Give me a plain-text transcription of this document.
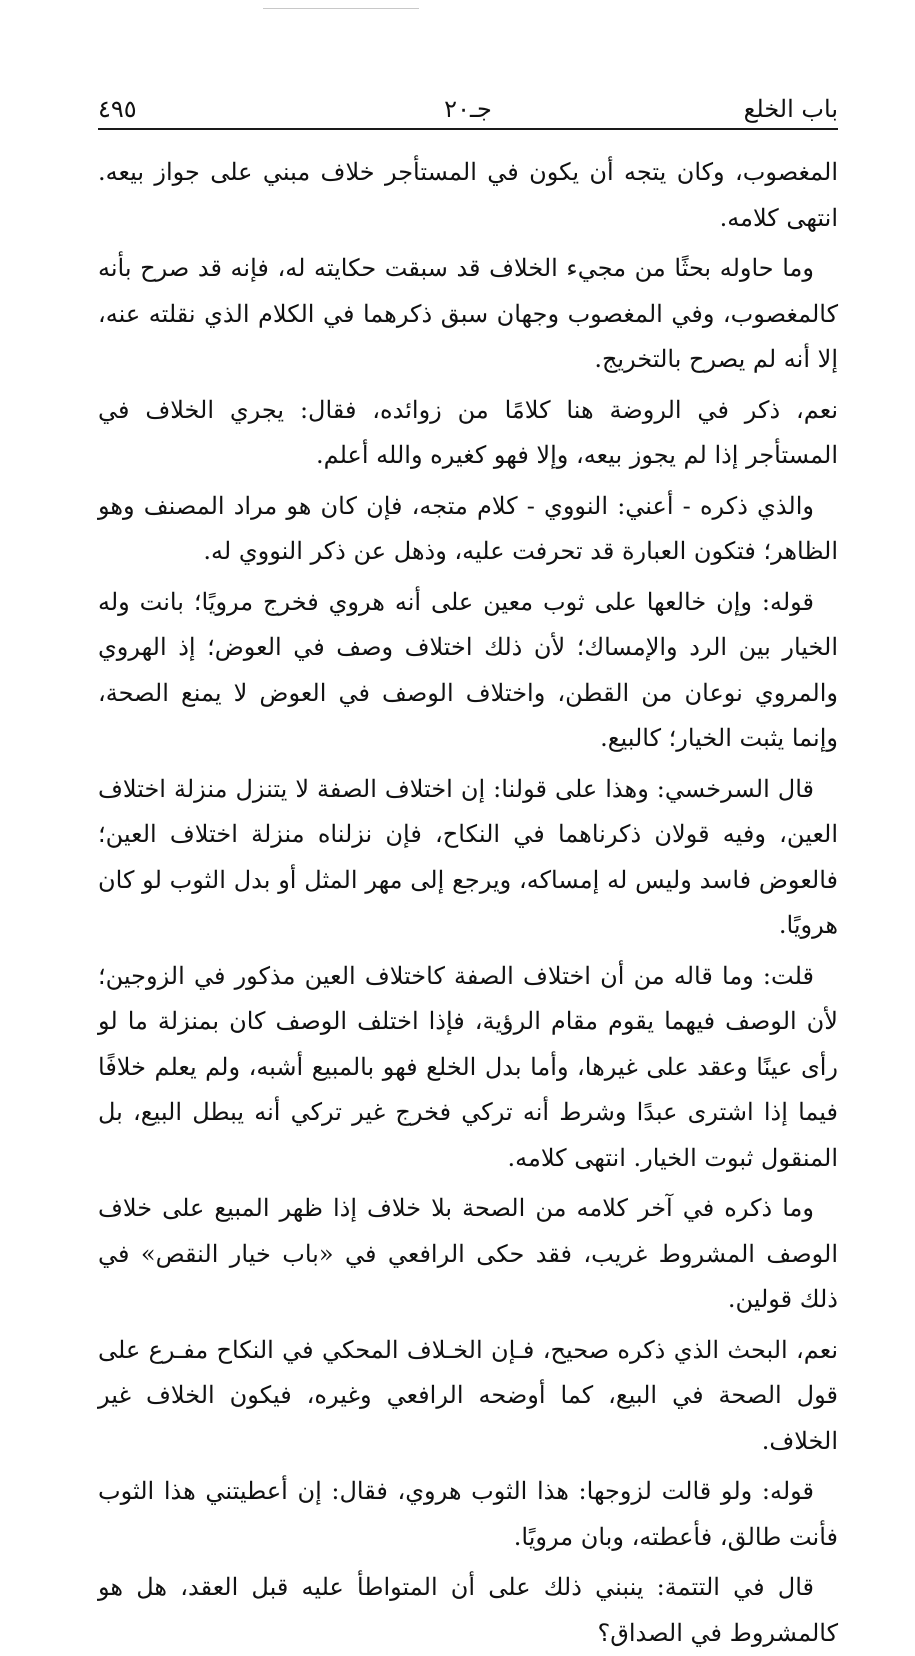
باب الخلع
جـ٢٠
٤٩٥

المغصوب، وكان يتجه أن يكون في المستأجر خلاف مبني على جواز بيعه. انتهى كلامه.

وما حاوله بحثًا من مجيء الخلاف قد سبقت حكايته له، فإنه قد صرح بأنه كالمغصوب، وفي المغصوب وجهان سبق ذكرهما في الكلام الذي نقلته عنه، إلا أنه لم يصرح بالتخريج.

نعم، ذكر في الروضة هنا كلامًا من زوائده، فقال: يجري الخلاف في المستأجر إذا لم يجوز بيعه، وإلا فهو كغيره والله أعلم.

والذي ذكره - أعني: النووي - كلام متجه، فإن كان هو مراد المصنف وهو الظاهر؛ فتكون العبارة قد تحرفت عليه، وذهل عن ذكر النووي له.

قوله: وإن خالعها على ثوب معين على أنه هروي فخرج مرويًا؛ بانت وله الخيار بين الرد والإمساك؛ لأن ذلك اختلاف وصف في العوض؛ إذ الهروي والمروي نوعان من القطن، واختلاف الوصف في العوض لا يمنع الصحة، وإنما يثبت الخيار؛ كالبيع.

قال السرخسي: وهذا على قولنا: إن اختلاف الصفة لا يتنزل منزلة اختلاف العين، وفيه قولان ذكرناهما في النكاح، فإن نزلناه منزلة اختلاف العين؛ فالعوض فاسد وليس له إمساكه، ويرجع إلى مهر المثل أو بدل الثوب لو كان هرويًا.

قلت: وما قاله من أن اختلاف الصفة كاختلاف العين مذكور في الزوجين؛ لأن الوصف فيهما يقوم مقام الرؤية، فإذا اختلف الوصف كان بمنزلة ما لو رأى عينًا وعقد على غيرها، وأما بدل الخلع فهو بالمبيع أشبه، ولم يعلم خلافًا فيما إذا اشترى عبدًا وشرط أنه تركي فخرج غير تركي أنه يبطل البيع، بل المنقول ثبوت الخيار. انتهى كلامه.

وما ذكره في آخر كلامه من الصحة بلا خلاف إذا ظهر المبيع على خلاف الوصف المشروط غريب، فقد حكى الرافعي في «باب خيار النقص» في ذلك قولين.

نعم، البحث الذي ذكره صحيح، فـإن الخـلاف المحكي في النكاح مفـرع على قول الصحة في البيع، كما أوضحه الرافعي وغيره، فيكون الخلاف غير الخلاف.

قوله: ولو قالت لزوجها: هذا الثوب هروي، فقال: إن أعطيتني هذا الثوب فأنت طالق، فأعطته، وبان مرويًا.

قال في التتمة: ينبني ذلك على أن المتواطأ عليه قبل العقد، هل هو كالمشروط في الصداق؟
